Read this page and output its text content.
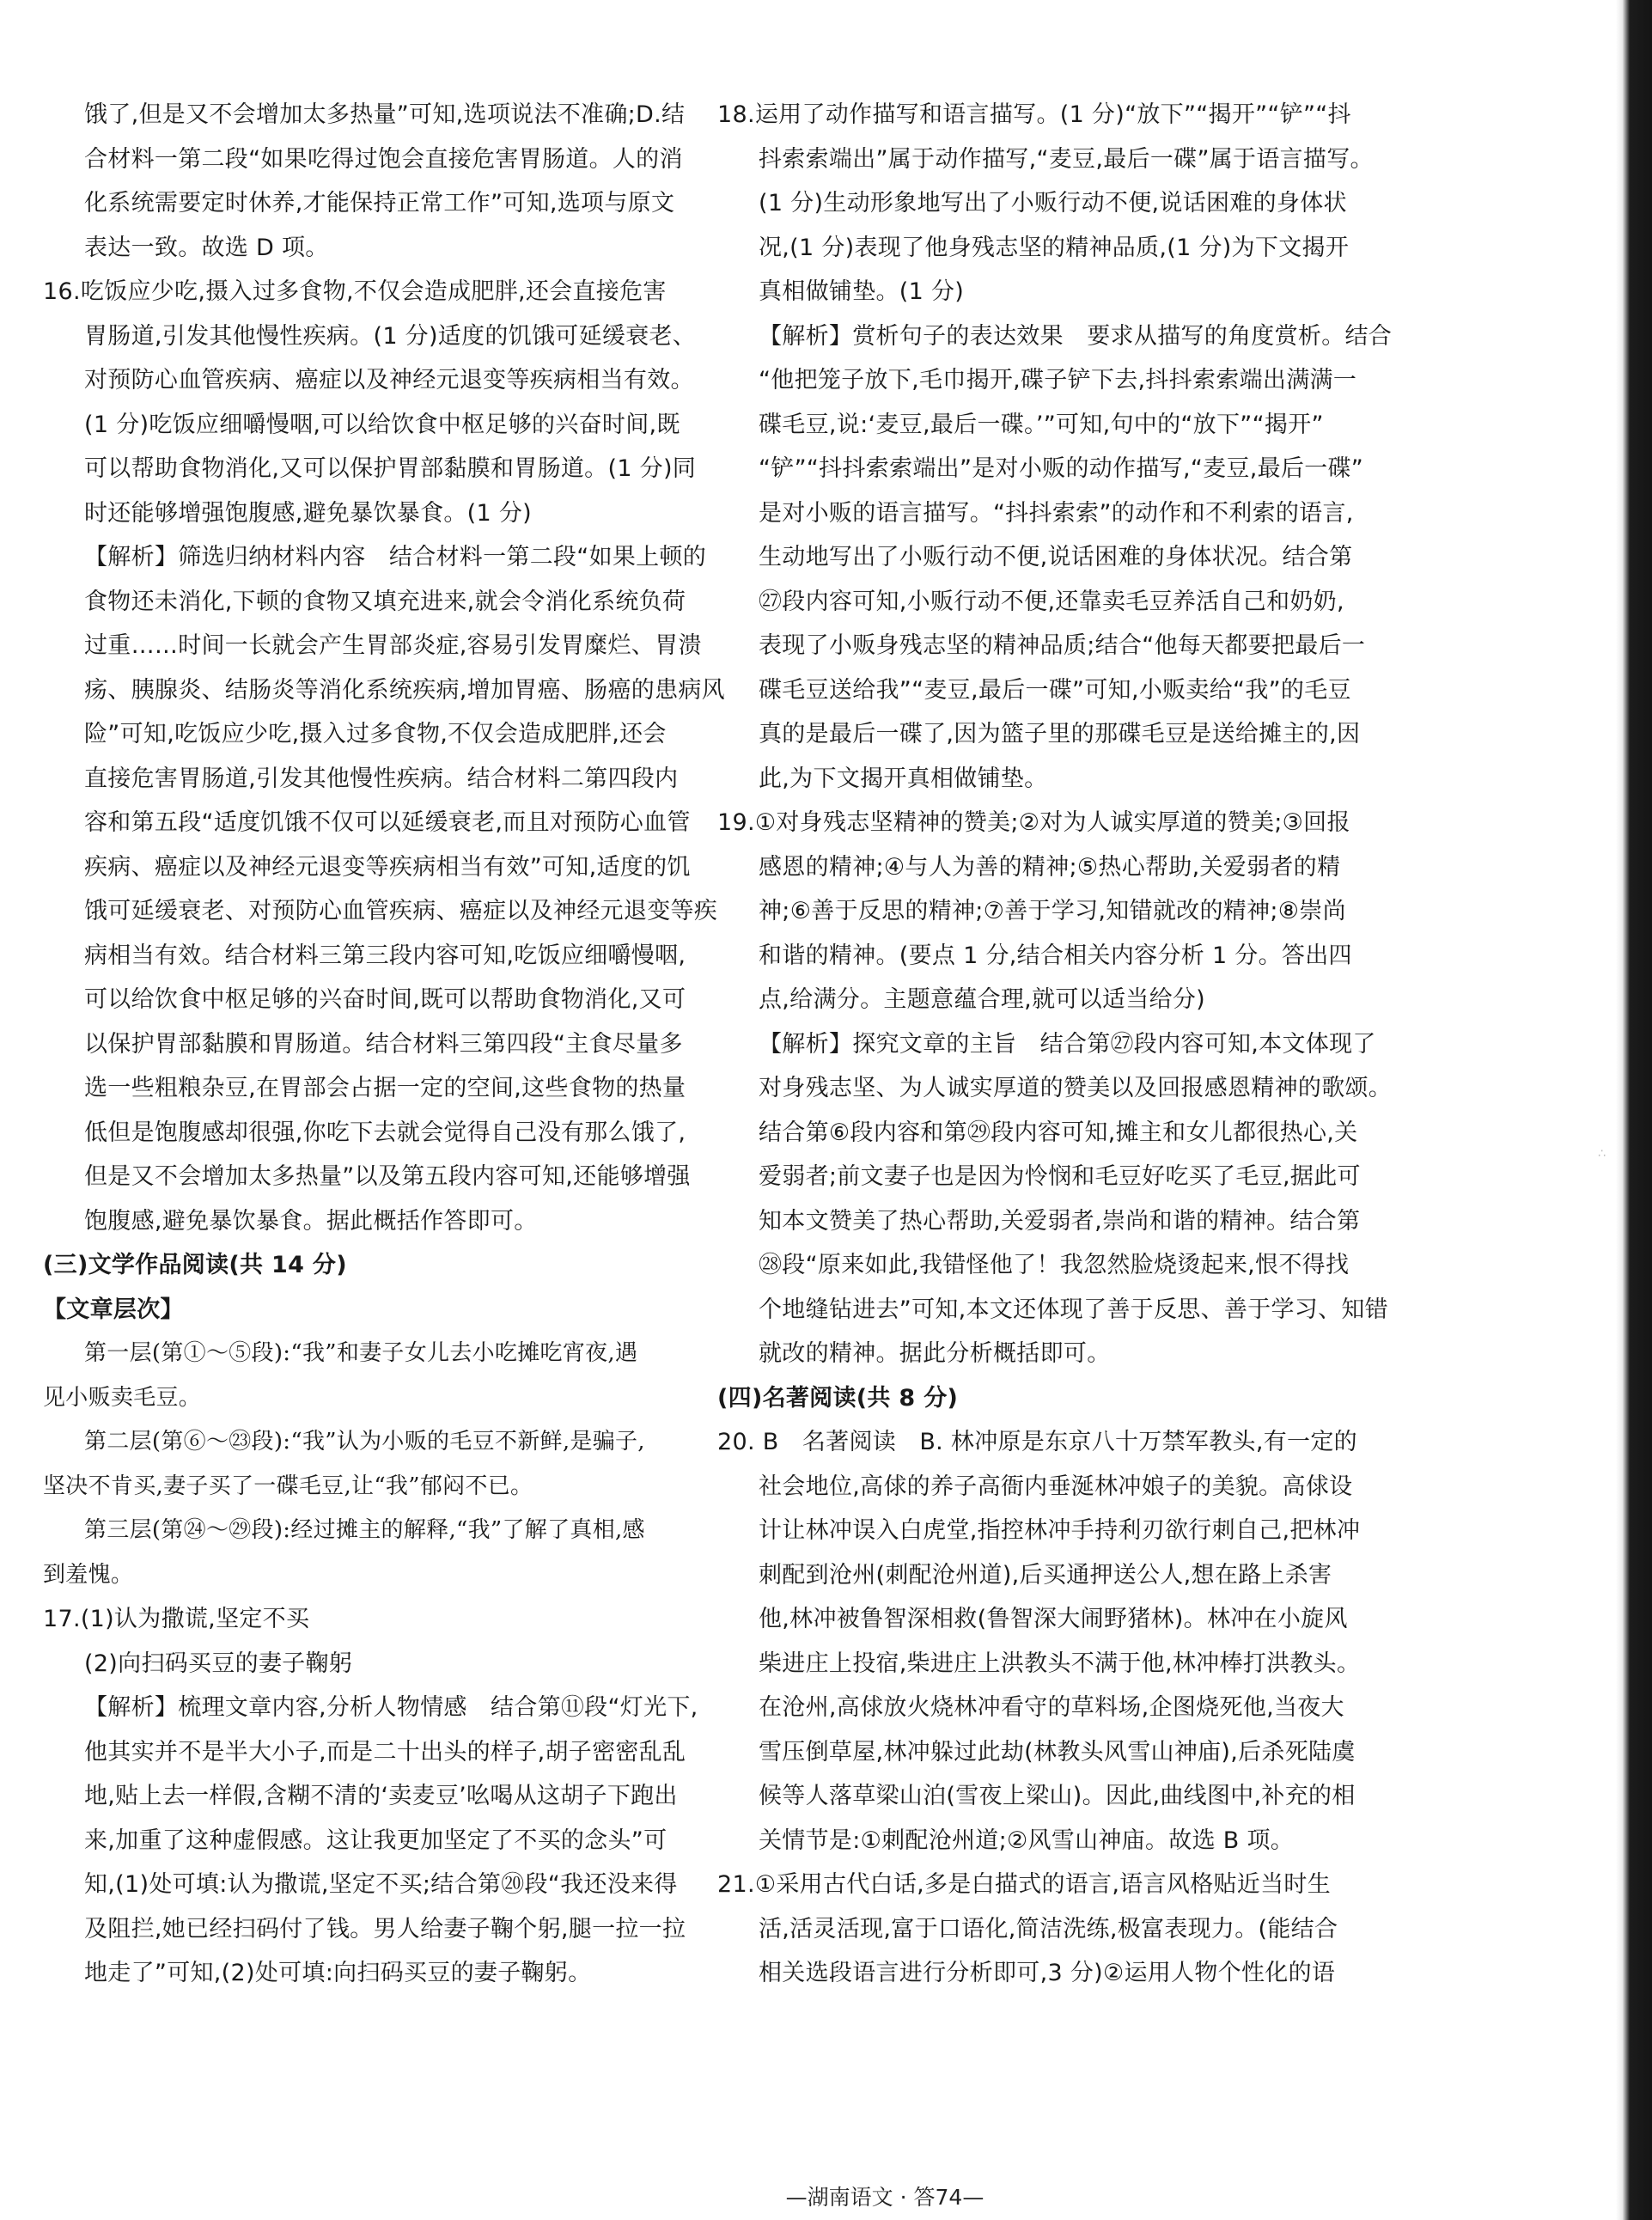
∴

饿了,但是又不会增加太多热量”可知,选项说法不准确;D.结

合材料一第二段“如果吃得过饱会直接危害胃肠道。人的消

化系统需要定时休养,才能保持正常工作”可知,选项与原文

表达一致。故选 D 项。

16.吃饭应少吃,摄入过多食物,不仅会造成肥胖,还会直接危害

胃肠道,引发其他慢性疾病。(1 分)适度的饥饿可延缓衰老、

对预防心血管疾病、癌症以及神经元退变等疾病相当有效。

(1 分)吃饭应细嚼慢咽,可以给饮食中枢足够的兴奋时间,既

可以帮助食物消化,又可以保护胃部黏膜和胃肠道。(1 分)同

时还能够增强饱腹感,避免暴饮暴食。(1 分)

【解析】筛选归纳材料内容　结合材料一第二段“如果上顿的

食物还未消化,下顿的食物又填充进来,就会令消化系统负荷

过重……时间一长就会产生胃部炎症,容易引发胃糜烂、胃溃

疡、胰腺炎、结肠炎等消化系统疾病,增加胃癌、肠癌的患病风

险”可知,吃饭应少吃,摄入过多食物,不仅会造成肥胖,还会

直接危害胃肠道,引发其他慢性疾病。结合材料二第四段内

容和第五段“适度饥饿不仅可以延缓衰老,而且对预防心血管

疾病、癌症以及神经元退变等疾病相当有效”可知,适度的饥

饿可延缓衰老、对预防心血管疾病、癌症以及神经元退变等疾

病相当有效。结合材料三第三段内容可知,吃饭应细嚼慢咽,

可以给饮食中枢足够的兴奋时间,既可以帮助食物消化,又可

以保护胃部黏膜和胃肠道。结合材料三第四段“主食尽量多

选一些粗粮杂豆,在胃部会占据一定的空间,这些食物的热量

低但是饱腹感却很强,你吃下去就会觉得自己没有那么饿了,

但是又不会增加太多热量”以及第五段内容可知,还能够增强

饱腹感,避免暴饮暴食。据此概括作答即可。

(三)文学作品阅读(共 14 分)

【文章层次】

第一层(第①～⑤段):“我”和妻子女儿去小吃摊吃宵夜,遇

见小贩卖毛豆。

第二层(第⑥～㉓段):“我”认为小贩的毛豆不新鲜,是骗子,

坚决不肯买,妻子买了一碟毛豆,让“我”郁闷不已。

第三层(第㉔～㉙段):经过摊主的解释,“我”了解了真相,感

到羞愧。

17.(1)认为撒谎,坚定不买

(2)向扫码买豆的妻子鞠躬

【解析】梳理文章内容,分析人物情感　结合第⑪段“灯光下,

他其实并不是半大小子,而是二十出头的样子,胡子密密乱乱

地,贴上去一样假,含糊不清的‘卖麦豆’吆喝从这胡子下跑出

来,加重了这种虚假感。这让我更加坚定了不买的念头”可

知,(1)处可填:认为撒谎,坚定不买;结合第⑳段“我还没来得

及阻拦,她已经扫码付了钱。男人给妻子鞠个躬,腿一拉一拉

地走了”可知,(2)处可填:向扫码买豆的妻子鞠躬。

18.运用了动作描写和语言描写。(1 分)“放下”“揭开”“铲”“抖

抖索索端出”属于动作描写,“麦豆,最后一碟”属于语言描写。

(1 分)生动形象地写出了小贩行动不便,说话困难的身体状

况,(1 分)表现了他身残志坚的精神品质,(1 分)为下文揭开

真相做铺垫。(1 分)

【解析】赏析句子的表达效果　要求从描写的角度赏析。结合

“他把笼子放下,毛巾揭开,碟子铲下去,抖抖索索端出满满一

碟毛豆,说:‘麦豆,最后一碟。’”可知,句中的“放下”“揭开”

“铲”“抖抖索索端出”是对小贩的动作描写,“麦豆,最后一碟”

是对小贩的语言描写。“抖抖索索”的动作和不利索的语言,

生动地写出了小贩行动不便,说话困难的身体状况。结合第

㉗段内容可知,小贩行动不便,还靠卖毛豆养活自己和奶奶,

表现了小贩身残志坚的精神品质;结合“他每天都要把最后一

碟毛豆送给我”“麦豆,最后一碟”可知,小贩卖给“我”的毛豆

真的是最后一碟了,因为篮子里的那碟毛豆是送给摊主的,因

此,为下文揭开真相做铺垫。

19.①对身残志坚精神的赞美;②对为人诚实厚道的赞美;③回报

感恩的精神;④与人为善的精神;⑤热心帮助,关爱弱者的精

神;⑥善于反思的精神;⑦善于学习,知错就改的精神;⑧崇尚

和谐的精神。(要点 1 分,结合相关内容分析 1 分。答出四

点,给满分。主题意蕴合理,就可以适当给分)

【解析】探究文章的主旨　结合第㉗段内容可知,本文体现了

对身残志坚、为人诚实厚道的赞美以及回报感恩精神的歌颂。

结合第⑥段内容和第㉙段内容可知,摊主和女儿都很热心,关

爱弱者;前文妻子也是因为怜悯和毛豆好吃买了毛豆,据此可

知本文赞美了热心帮助,关爱弱者,崇尚和谐的精神。结合第

㉘段“原来如此,我错怪他了！我忽然脸烧烫起来,恨不得找

个地缝钻进去”可知,本文还体现了善于反思、善于学习、知错

就改的精神。据此分析概括即可。

(四)名著阅读(共 8 分)

20. B　名著阅读　B. 林冲原是东京八十万禁军教头,有一定的

社会地位,高俅的养子高衙内垂涎林冲娘子的美貌。高俅设

计让林冲误入白虎堂,指控林冲手持利刃欲行刺自己,把林冲

刺配到沧州(刺配沧州道),后买通押送公人,想在路上杀害

他,林冲被鲁智深相救(鲁智深大闹野猪林)。林冲在小旋风

柴进庄上投宿,柴进庄上洪教头不满于他,林冲棒打洪教头。

在沧州,高俅放火烧林冲看守的草料场,企图烧死他,当夜大

雪压倒草屋,林冲躲过此劫(林教头风雪山神庙),后杀死陆虞

候等人落草梁山泊(雪夜上梁山)。因此,曲线图中,补充的相

关情节是:①刺配沧州道;②风雪山神庙。故选 B 项。

21.①采用古代白话,多是白描式的语言,语言风格贴近当时生

活,活灵活现,富于口语化,简洁洗练,极富表现力。(能结合

相关选段语言进行分析即可,3 分)②运用人物个性化的语

—湖南语文 · 答74—
